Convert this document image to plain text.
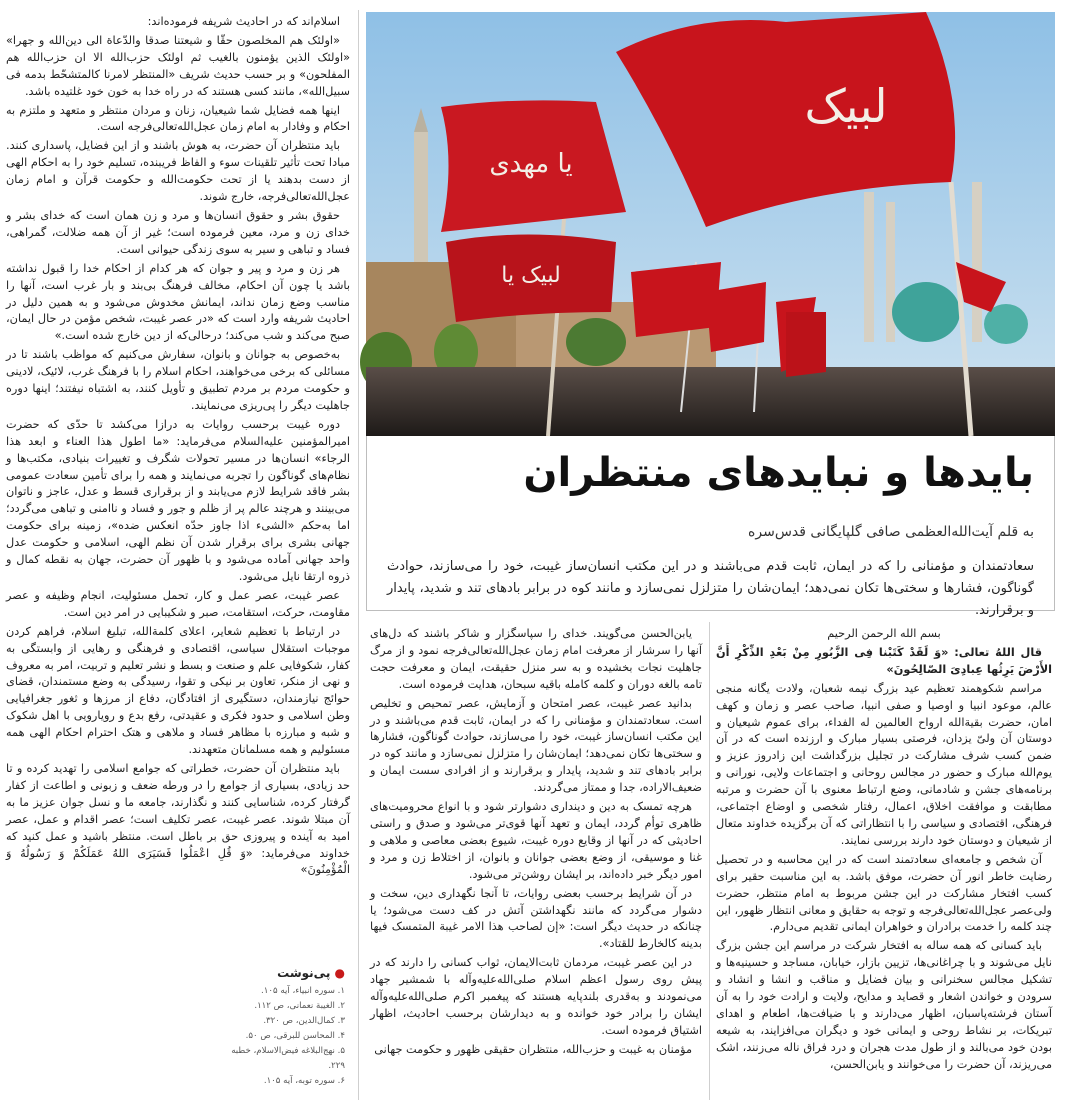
اسلام‌اند که در احادیث شریفه فرموده‌اند:

«اولئک هم المخلصون حقّا و شیعتنا صدقا والدّعاة الی دین‌الله و جهرا» «اولئک الذین یؤمنون بالغیب ثم اولئک حزب‌الله الا ان حزب‌الله هم المفلحون» و بر حسب حدیث شریف «المنتظر لامرنا کالمتشحّط بدمه فی سبیل‌الله»، مانند کسی هستند که در راه خدا به خون خود غلتیده باشد.

اینها همه فضایل شما شیعیان، زنان و مردان منتظر و متعهد و ملتزم به احکام و وفادار به امام زمان عجل‌الله‌تعالی‌فرجه است.

باید منتظران آن حضرت، به هوش باشند و از این فضایل، پاسداری کنند. مبادا تحت تأثیر تلقینات سوء و الفاظ فریبنده، تسلیم خود را به احکام الهی از دست بدهند یا از تحت حکومت‌الله و حکومت قرآن و امام زمان عجل‌الله‌تعالی‌فرجه، خارج شوند.

حقوق بشر و حقوق انسان‌ها و مرد و زن همان است که خدای بشر و خدای زن و مرد، معین فرموده است؛ غیر از آن همه ضلالت، گمراهی، فساد و تباهی و سیر به سوی زندگی حیوانی است.

هر زن و مرد و پیر و جوان که هر کدام از احکام خدا را قبول نداشته باشد یا چون آن احکام، مخالف فرهنگ بی‌بند و بار غرب است، آنها را مناسب وضع زمان نداند، ایمانش مخدوش می‌شود و به همین دلیل در احادیث شریفه وارد است که «در عصر غیبت، شخص مؤمن در حال ایمان، صبح می‌کند و شب می‌کند؛ درحالی‌که از دین خارج شده است.»

به‌خصوص به جوانان و بانوان، سفارش می‌کنیم که مواظب باشند تا در مسائلی که برخی می‌خواهند، احکام اسلام را با فرهنگ غرب، لائیک، لادینی و حکومت مردم بر مردم تطبیق و تأویل کنند، به اشتباه نیفتند؛ اینها دوره جاهلیت دیگر را پی‌ریزی می‌نمایند.

دوره غیبت برحسب روایات به درازا می‌کشد تا حدّی که حضرت امیرالمؤمنین علیه‌السلام می‌فرماید: «ما اطول هذا العناء و ابعد هذا الرجاء» انسان‌ها در مسیر تحولات شگرف و تغییرات بنیادی، مکتب‌ها و نظام‌های گوناگون را تجربه می‌نمایند و همه را برای تأمین سعادت عمومی بشر فاقد شرایط لازم می‌یابند و از برقراری قسط و عدل، عاجز و ناتوان می‌بینند و هرچند عالم پر از ظلم و جور و فساد و ناامنی و تباهی می‌گردد؛ اما به‌حکم «الشیء اذا جاوز حدّه انعکس ضده»، زمینه برای حکومت جهانی بشری برای برقرار شدن آن نظم الهی، اسلامی و حکومت عدل واحد جهانی آماده می‌شود و با ظهور آن حضرت، جهان به نقطه کمال و ذروه ارتقا نایل می‌شود.

عصر غیبت، عصر عمل و کار، تحمل مسئولیت، انجام وظیفه و عصر مقاومت، حرکت، استقامت، صبر و شکیبایی در امر دین است.

در ارتباط با تعظیم شعایر، اعلای کلمةالله، تبلیغ اسلام، فراهم کردن موجبات استقلال سیاسی، اقتصادی و فرهنگی و رهایی از وابستگی به کفار، شکوفایی علم و صنعت و بسط و نشر تعلیم و تربیت، امر به معروف و نهی از منکر، تعاون بر نیکی و تقوا، رسیدگی به وضع مستمندان، قضای حوائج نیازمندان، دستگیری از افتادگان، دفاع از مرزها و ثغور جغرافیایی وطن اسلامی و حدود فکری و عقیدتی، رفع بدع و رویارویی با اهل شکوک و شبه و مبارزه با مظاهر فساد و ملاهی و هتک احترام احکام الهی همه مسئولیم و همه مسلمانان متعهدند.

باید منتظران آن حضرت، خطراتی که جوامع اسلامی را تهدید کرده و تا حد زیادی، بسیاری از جوامع را در ورطه ضعف و زبونی و اطاعت از کفار گرفتار کرده، شناسایی کنند و نگذارند، جامعه ما و نسل جوان عزیز ما به آن مبتلا شوند. عصر غیبت، عصر تکلیف است؛ عصر اقدام و عمل، عصر امید به آینده و پیروزی حق بر باطل است. منتظر باشید و عمل کنید که خداوند می‌فرماید: «وَ قُلِ اعْمَلُوا فَسَیَرَی اللهُ عَمَلَکُمْ وَ رَسُولُهُ وَ الْمُؤْمِنُونَ»

● پی‌نوشت

۱. سوره انبیاء، آیه ۱۰۵.
۲. الغیبة نعمانی، ص ۱۱۲.
۳. کمال‌الدین، ص ۳۲۰.
۴. المحاسن للبرقی، ص ۵۰.
۵. نهج‌البلاغه فیض‌الاسلام، خطبه ۲۲۹.
۶. سوره توبه، آیه ۱۰۵.
لبیک
یا مهدی
لبیک یا
بایدها و نبایدهای منتظران

به قلم آیت‌الله‌العظمی صافی گلپایگانی قدس‌سره

سعادتمندان و مؤمنانی را که در ایمان، ثابت قدم می‌باشند و در این مکتب انسان‌ساز غیبت، خود را می‌سازند، حوادث گوناگون، فشارها و سختی‌ها تکان نمی‌دهد؛ ایمان‌شان را متزلزل نمی‌سازد و مانند کوه در برابر بادهای تند و شدید، پایدار و برقرارند.

یابن‌الحسن می‌گویند. خدای را سپاسگزار و شاکر باشند که دل‌های آنها را سرشار از معرفت امام زمان عجل‌الله‌تعالی‌فرجه نمود و از مرگ جاهلیت نجات بخشیده و به سر منزل حقیقت، ایمان و معرفت حجت تامه بالغه دوران و کلمه کامله باقیه سبحان، هدایت فرموده است.

بدانید عصر غیبت، عصر امتحان و آزمایش، عصر تمحیص و تخلیص است. سعادتمندان و مؤمنانی را که در ایمان، ثابت قدم می‌باشند و در این مکتب انسان‌ساز غیبت، خود را می‌سازند، حوادث گوناگون، فشارها و سختی‌ها تکان نمی‌دهد؛ ایمان‌شان را متزلزل نمی‌سازد و مانند کوه در برابر بادهای تند و شدید، پایدار و برقرارند و از افرادی سست ایمان و ضعیف‌الاراده، جدا و ممتاز می‌گردند.

هرچه تمسک به دین و دینداری دشوارتر شود و با انواع محرومیت‌های ظاهری توأم گردد، ایمان و تعهد آنها قوی‌تر می‌شود و صدق و راستی احادیثی که در آنها از وقایع دوره غیبت، شیوع بعضی معاصی و ملاهی و غنا و موسیقی، از وضع بعضی جوانان و بانوان، از اختلاط زن و مرد و امور دیگر خبر داده‌اند، بر ایشان روشن‌تر می‌شود.

در آن شرایط برحسب بعضی روایات، تا آنجا نگهداری دین، سخت و دشوار می‌گردد که مانند نگهداشتن آتش در کف دست می‌شود؛ یا چنانکه در حدیث دیگر است: «إن لصاحب هذا الامر غیبة المتمسک فیها بدینه کالخارط للقتاد».

در این عصر غیبت، مردمان ثابت‌الایمان، ثواب کسانی را دارند که در پیش روی رسول اعظم اسلام صلی‌الله‌علیه‌وآله با شمشیر جهاد می‌نمودند و به‌قدری بلندپایه هستند که پیغمبر اکرم صلی‌الله‌علیه‌وآله ایشان را برادر خود خوانده و به دیدارشان برحسب احادیث، اظهار اشتیاق فرموده است.

مؤمنان به غیبت و حزب‌الله، منتظران حقیقی ظهور و حکومت جهانی

بسم الله الرحمن الرحیم

قال اللهُ تعالی: «وَ لَقَدْ کَتَبْنا فِی الزَّبُورِ مِنْ بَعْدِ الذِّکْرِ أَنَّ الأَرْضَ یَرِثُها عِبادِیَ الصّالِحُونَ»

مراسم شکوهمند تعظیم عید بزرگ نیمه شعبان، ولادت یگانه منجی عالم، موعود انبیا و اوصیا و صفی انبیا، صاحب عصر و زمان و کهف امان، حضرت بقیةالله ارواح العالمین له الفداء، برای عموم شیعیان و دوستان آن ولیّ یزدان، فرصتی بسیار مبارک و ارزنده است که در آن ضمن کسب شرف مشارکت در تجلیل بزرگداشت این زادروز عزیز و یوم‌الله مبارک و حضور در مجالس روحانی و اجتماعات ولایی، نورانی و برنامه‌های جشن و شادمانی، وضع ارتباط معنوی با آن حضرت و مرتبه مطابقت و موافقت اخلاق، اعمال، رفتار شخصی و اوضاع اجتماعی، فرهنگی، اقتصادی و سیاسی را با انتظاراتی که آن برگزیده خداوند متعال از شیعیان و دوستان خود دارند بررسی نمایند.

آن شخص و جامعه‌ای سعادتمند است که در این محاسبه و در تحصیل رضایت خاطر انور آن حضرت، موفق باشد. به این مناسبت حقیر برای کسب افتخار مشارکت در این جشن مربوط به امام منتظر، حضرت ولی‌عصر عجل‌الله‌تعالی‌فرجه و توجه به حقایق و معانی انتظار ظهور، این چند کلمه را خدمت برادران و خواهران ایمانی تقدیم می‌دارم.

باید کسانی که همه ساله به افتخار شرکت در مراسم این جشن بزرگ نایل می‌شوند و با چراغانی‌ها، تزیین بازار، خیابان، مساجد و حسینیه‌ها و تشکیل مجالس سخنرانی و بیان فضایل و مناقب و انشا و انشاد و سرودن و خواندن اشعار و قصاید و مدایح، ولایت و ارادت خود را به آن آستان فرشته‌پاسبان، اظهار می‌دارند و با ضیافت‌ها، اطعام و اهدای تبریکات، بر نشاط روحی و ایمانی خود و دیگران می‌افزایند، به شیعه بودن خود می‌بالند و از طول مدت هجران و درد فراق ناله می‌زنند، اشک می‌ریزند، آن حضرت را می‌خوانند و یابن‌الحسن،
